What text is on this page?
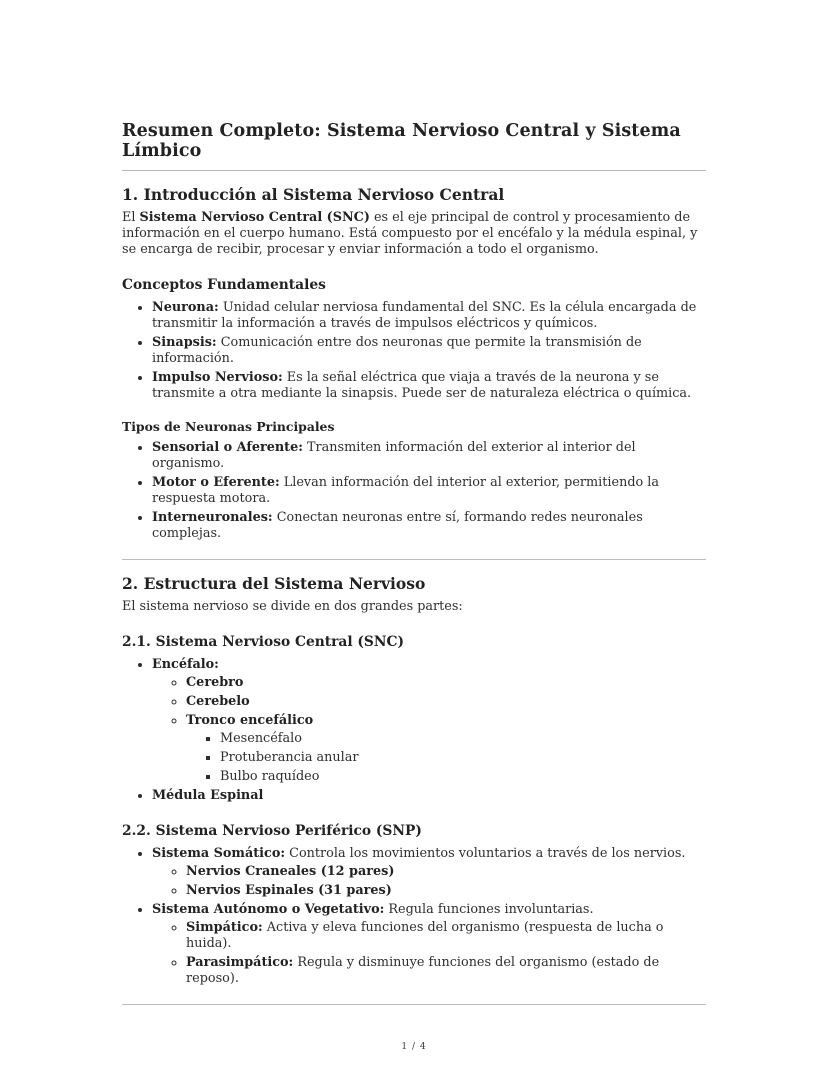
Resumen Completo: Sistema Nervioso Central y Sistema Límbico
1. Introducción al Sistema Nervioso Central

El Sistema Nervioso Central (SNC) es el eje principal de control y procesamiento de información en el cuerpo humano. Está compuesto por el encéfalo y la médula espinal, y se encarga de recibir, procesar y enviar información a todo el organismo.

Conceptos Fundamentales
• Neurona: Unidad celular nerviosa fundamental del SNC. Es la célula encargada de transmitir la información a través de impulsos eléctricos y químicos.
• Sinapsis: Comunicación entre dos neuronas que permite la transmisión de información.
• Impulso Nervioso: Es la señal eléctrica que viaja a través de la neurona y se transmite a otra mediante la sinapsis. Puede ser de naturaleza eléctrica o química.
Tipos de Neuronas Principales
• Sensorial o Aferente: Transmiten información del exterior al interior del organismo.
• Motor o Eferente: Llevan información del interior al exterior, permitiendo la respuesta motora.
• Interneuronales: Conectan neuronas entre sí, formando redes neuronales complejas.
2. Estructura del Sistema Nervioso

El sistema nervioso se divide en dos grandes partes:

2.1. Sistema Nervioso Central (SNC)
• Encéfalo:
◦ Cerebro
◦ Cerebelo
◦ Tronco encefálico
▪ Mesencéfalo
▪ Protuberancia anular
▪ Bulbo raquídeo
• Médula Espinal
2.2. Sistema Nervioso Periférico (SNP)
• Sistema Somático: Controla los movimientos voluntarios a través de los nervios.
◦ Nervios Craneales (12 pares)
◦ Nervios Espinales (31 pares)
• Sistema Autónomo o Vegetativo: Regula funciones involuntarias.
◦ Simpático: Activa y eleva funciones del organismo (respuesta de lucha o huida).
◦ Parasimpático: Regula y disminuye funciones del organismo (estado de reposo).
1 / 4
